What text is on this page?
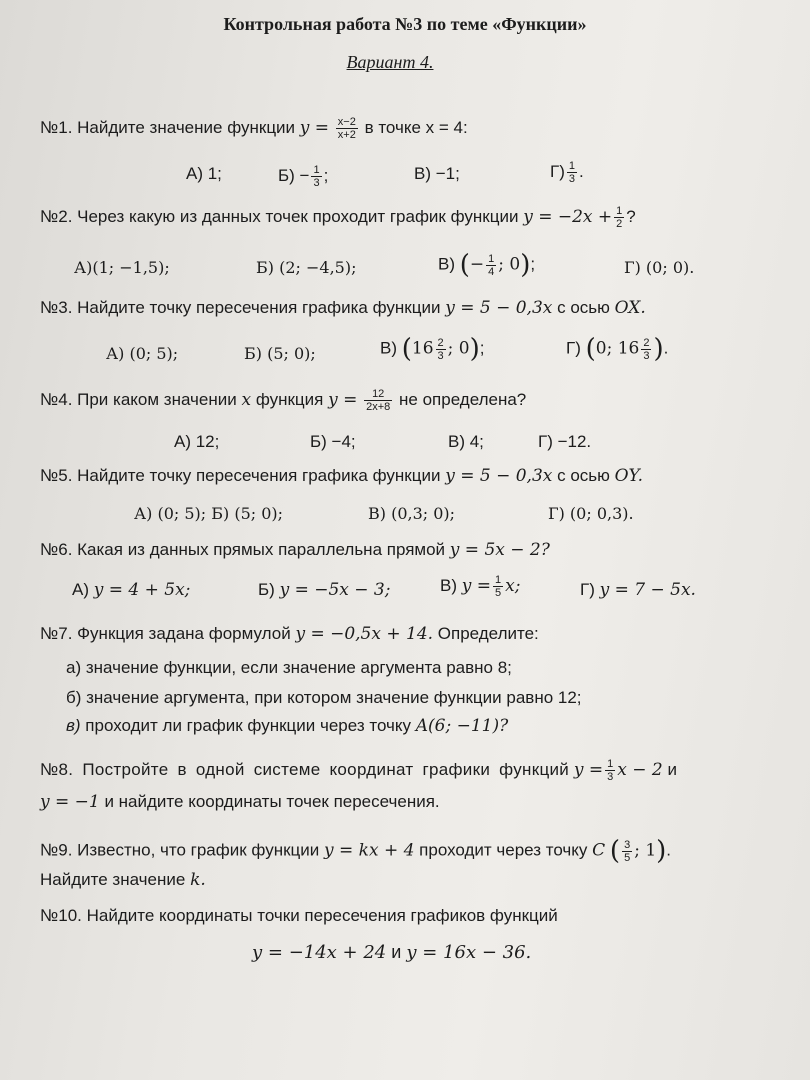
Контрольная работа №3 по теме «Функции»
Вариант 4.
№1. Найдите значение функции $y = \frac{x-2}{x+2}$ в точке x = 4:
А) 1;	$Б) - \frac{1}{3}$ ;	В) −1;	$Г) \frac{1}{3}$ .
№2. Через какую из данных точек проходит график функции $y = -2x + \frac{1}{2}$ ?
А)(1; −1,5);	Б) (2; −4,5);	В) (− $\frac{1}{4}$ ; 0);	Г) (0; 0).
№3. Найдите точку пересечения графика функции y = 5 − 0,3x с осью OX.
А) (0; 5);	Б) (5; 0);	В) ($16 \frac{2}{3}$ ; 0);	Г) (0; $16 \frac{2}{3}$ ).
№4. При каком значении x функция $y = \frac{12}{2x+8}$ не определена?
А) 12;	Б) −4;	В) 4;	Г) −12.
№5. Найдите точку пересечения графика функции y = 5 − 0,3x с осью OY.
А) (0; 5); Б) (5; 0);	В) (0,3; 0);	Г) (0; 0,3).
№6. Какая из данных прямых параллельна прямой y = 5x − 2?
А) y = 4 + 5x;	Б) y = −5x − 3;	В) $y = \frac{1}{5} x$;	Г) y = 7 − 5x.
№7. Функция задана формулой y = −0,5x + 14. Определите:
а) значение функции, если значение аргумента равно 8;
б) значение аргумента, при котором значение функции равно 12;
в) проходит ли график функции через точку A(6; −11)?
№8. Постройте в одной системе координат графики функций $y = \frac{1}{3}$ x − 2 и
y = −1 и найдите координаты точек пересечения.
№9. Известно, что график функции y = kx + 4 проходит через точку C ( $\frac{3}{5}$ ; 1).
Найдите значение k.
№10. Найдите координаты точки пересечения графиков функций
y = −14x + 24 и y = 16x − 36.
